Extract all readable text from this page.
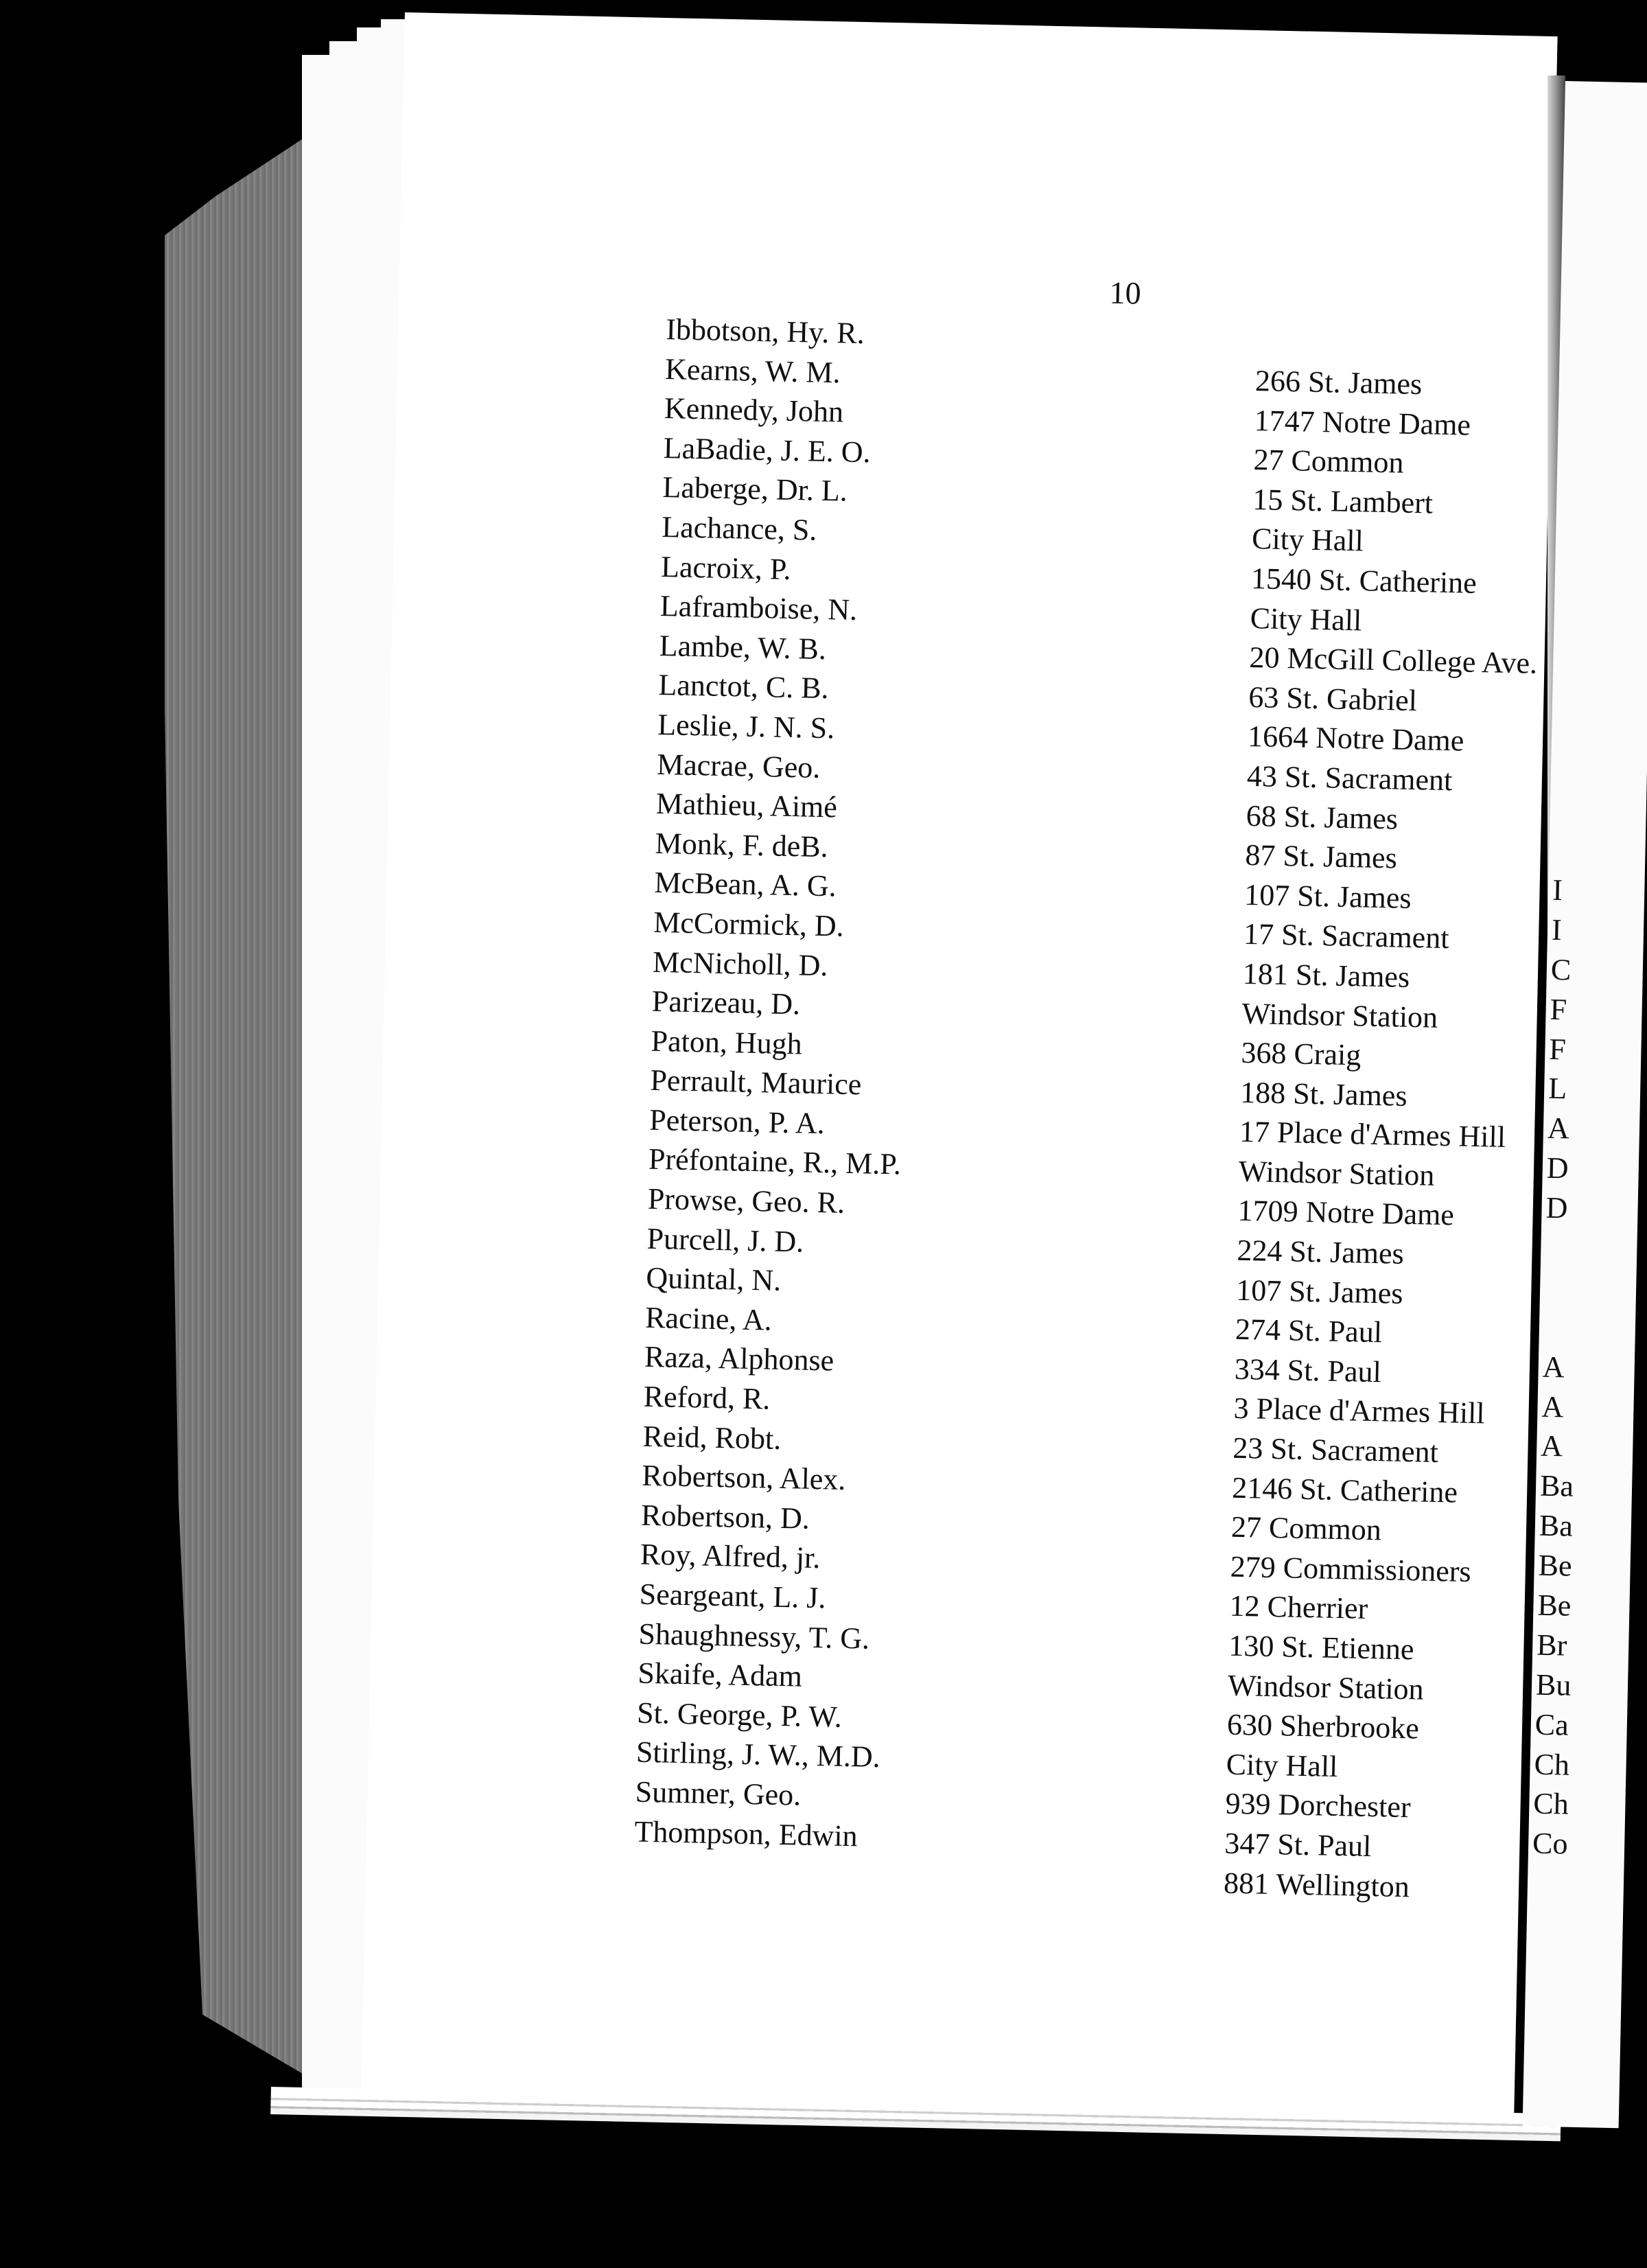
10
Ibbotson, Hy. R.
Kearns, W. M.
Kennedy, John
LaBadie, J. E. O.
Laberge, Dr. L.
Lachance, S.
Lacroix, P.
Laframboise, N.
Lambe, W. B.
Lanctot, C. B.
Leslie, J. N. S.
Macrae, Geo.
Mathieu, Aimé
Monk, F. deB.
McBean, A. G.
McCormick, D.
McNicholl, D.
Parizeau, D.
Paton, Hugh
Perrault, Maurice
Peterson, P. A.
Préfontaine, R., M.P.
Prowse, Geo. R.
Purcell, J. D.
Quintal, N.
Racine, A.
Raza, Alphonse
Reford, R.
Reid, Robt.
Robertson, Alex.
Robertson, D.
Roy, Alfred, jr.
Seargeant, L. J.
Shaughnessy, T. G.
Skaife, Adam
St. George, P. W.
Stirling, J. W., M.D.
Sumner, Geo.
Thompson, Edwin
266 St. James
1747 Notre Dame
27 Common
15 St. Lambert
City Hall
1540 St. Catherine
City Hall
20 McGill College Ave.
63 St. Gabriel
1664 Notre Dame
43 St. Sacrament
68 St. James
87 St. James
107 St. James
17 St. Sacrament
181 St. James
Windsor Station
368 Craig
188 St. James
17 Place d'Armes Hill
Windsor Station
1709 Notre Dame
224 St. James
107 St. James
274 St. Paul
334 St. Paul
3 Place d'Armes Hill
23 St. Sacrament
2146 St. Catherine
27 Common
279 Commissioners
12 Cherrier
130 St. Etienne
Windsor Station
630 Sherbrooke
City Hall
939 Dorchester
347 St. Paul
881 Wellington
I
I
C
F
F
L
A
D
D
A
A
A
Ba
Ba
Be
Be
Br
Bu
Ca
Ch
Ch
Co
